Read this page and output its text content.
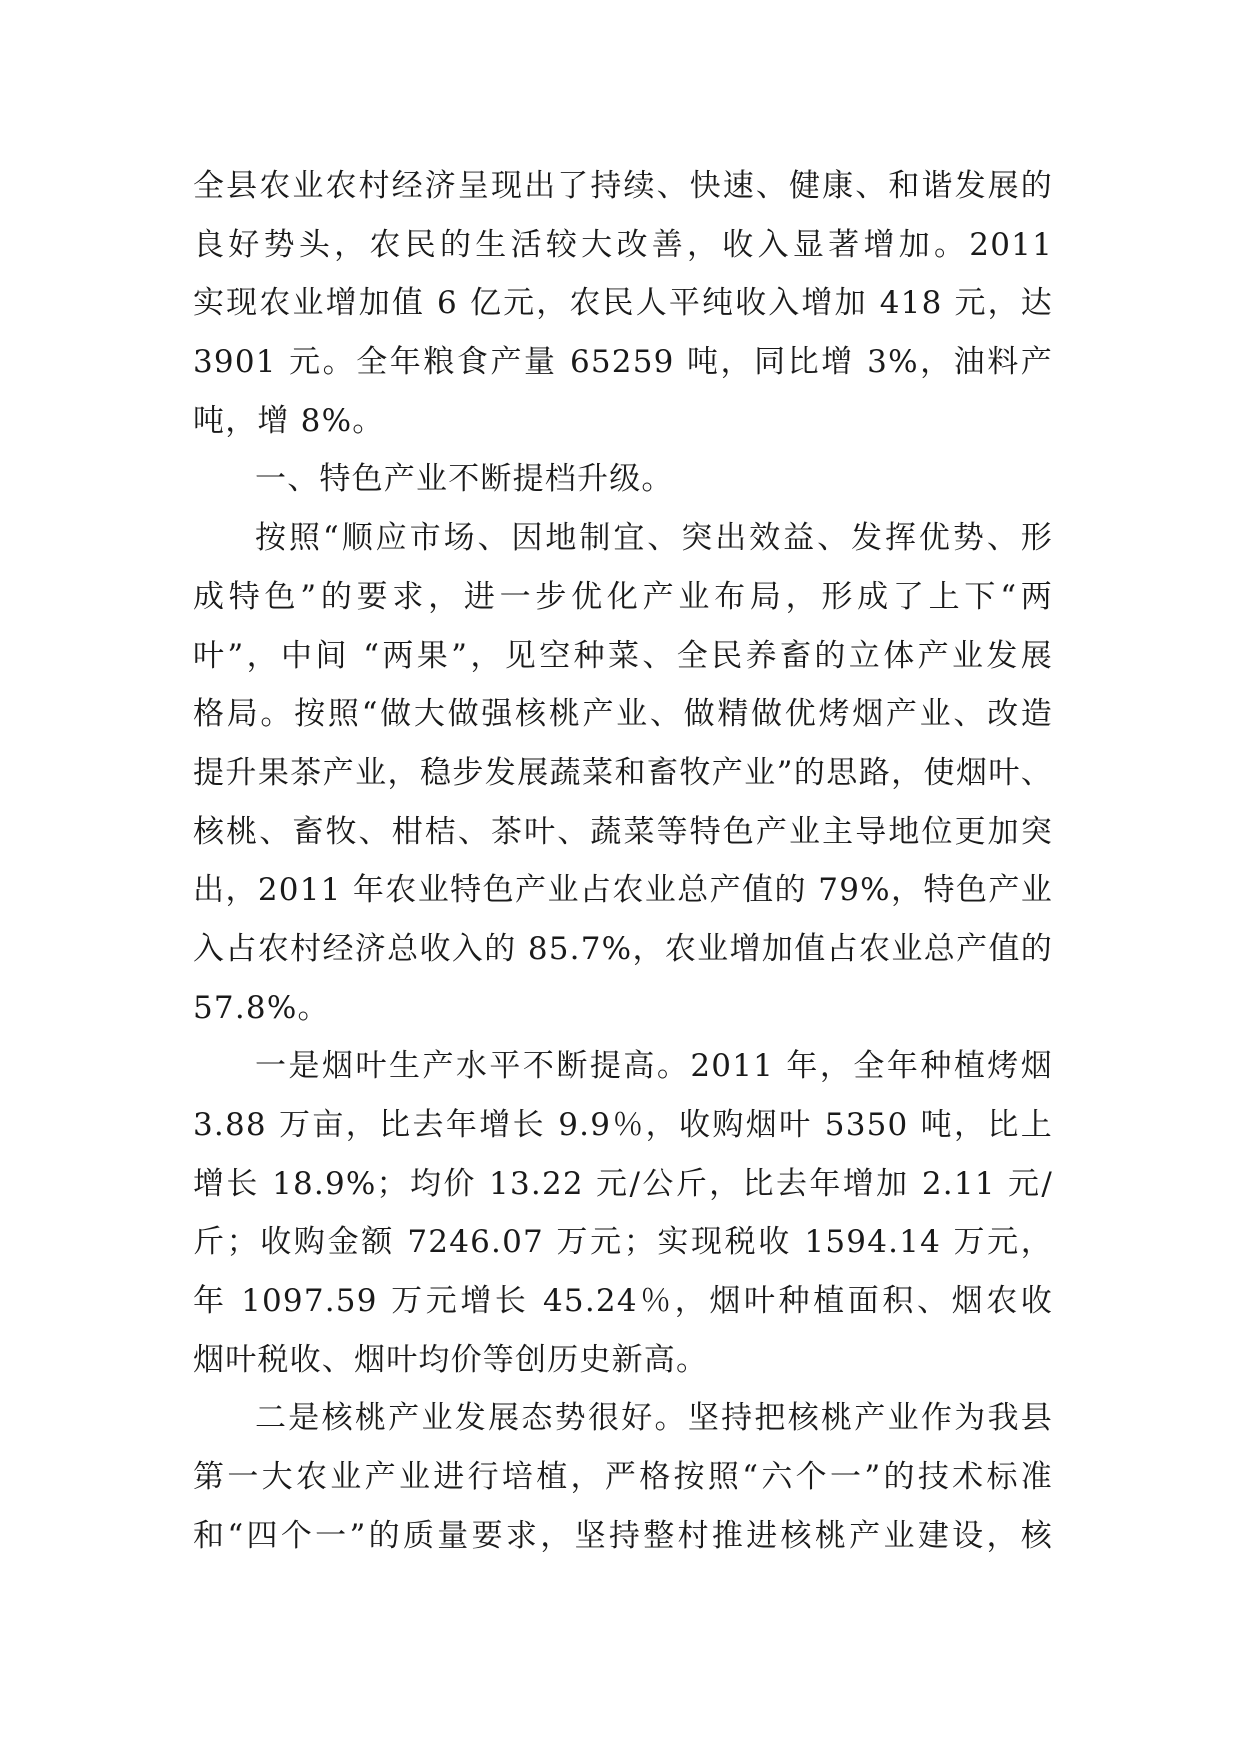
全县农业农村经济呈现出了持续、快速、健康、和谐发展的
良好势头，农民的生活较大改善，收入显著增加。2011
实现农业增加值 6 亿元，农民人平纯收入增加 418 元，达
3901 元。全年粮食产量 65259 吨，同比增 3%，油料产
吨，增 8%。
一、特色产业不断提档升级。
按照“顺应市场、因地制宜、突出效益、发挥优势、形
成特色”的要求，进一步优化产业布局，形成了上下“两
叶”，中间 “两果”，见空种菜、全民养畜的立体产业发展
格局。按照“做大做强核桃产业、做精做优烤烟产业、改造
提升果茶产业，稳步发展蔬菜和畜牧产业”的思路，使烟叶、
核桃、畜牧、柑桔、茶叶、蔬菜等特色产业主导地位更加突
出，2011 年农业特色产业占农业总产值的 79%，特色产业
入占农村经济总收入的 85.7%，农业增加值占农业总产值的
57.8%。
一是烟叶生产水平不断提高。2011 年，全年种植烤烟
3.88 万亩，比去年增长 9.9％，收购烟叶 5350 吨，比上
增长 18.9%；均价 13.22 元/公斤，比去年增加 2.11 元/
斤；收购金额 7246.07 万元；实现税收 1594.14 万元，
年 1097.59 万元增长 45.24％，烟叶种植面积、烟农收
烟叶税收、烟叶均价等创历史新高。
二是核桃产业发展态势很好。坚持把核桃产业作为我县
第一大农业产业进行培植，严格按照“六个一”的技术标准
和“四个一”的质量要求，坚持整村推进核桃产业建设，核
